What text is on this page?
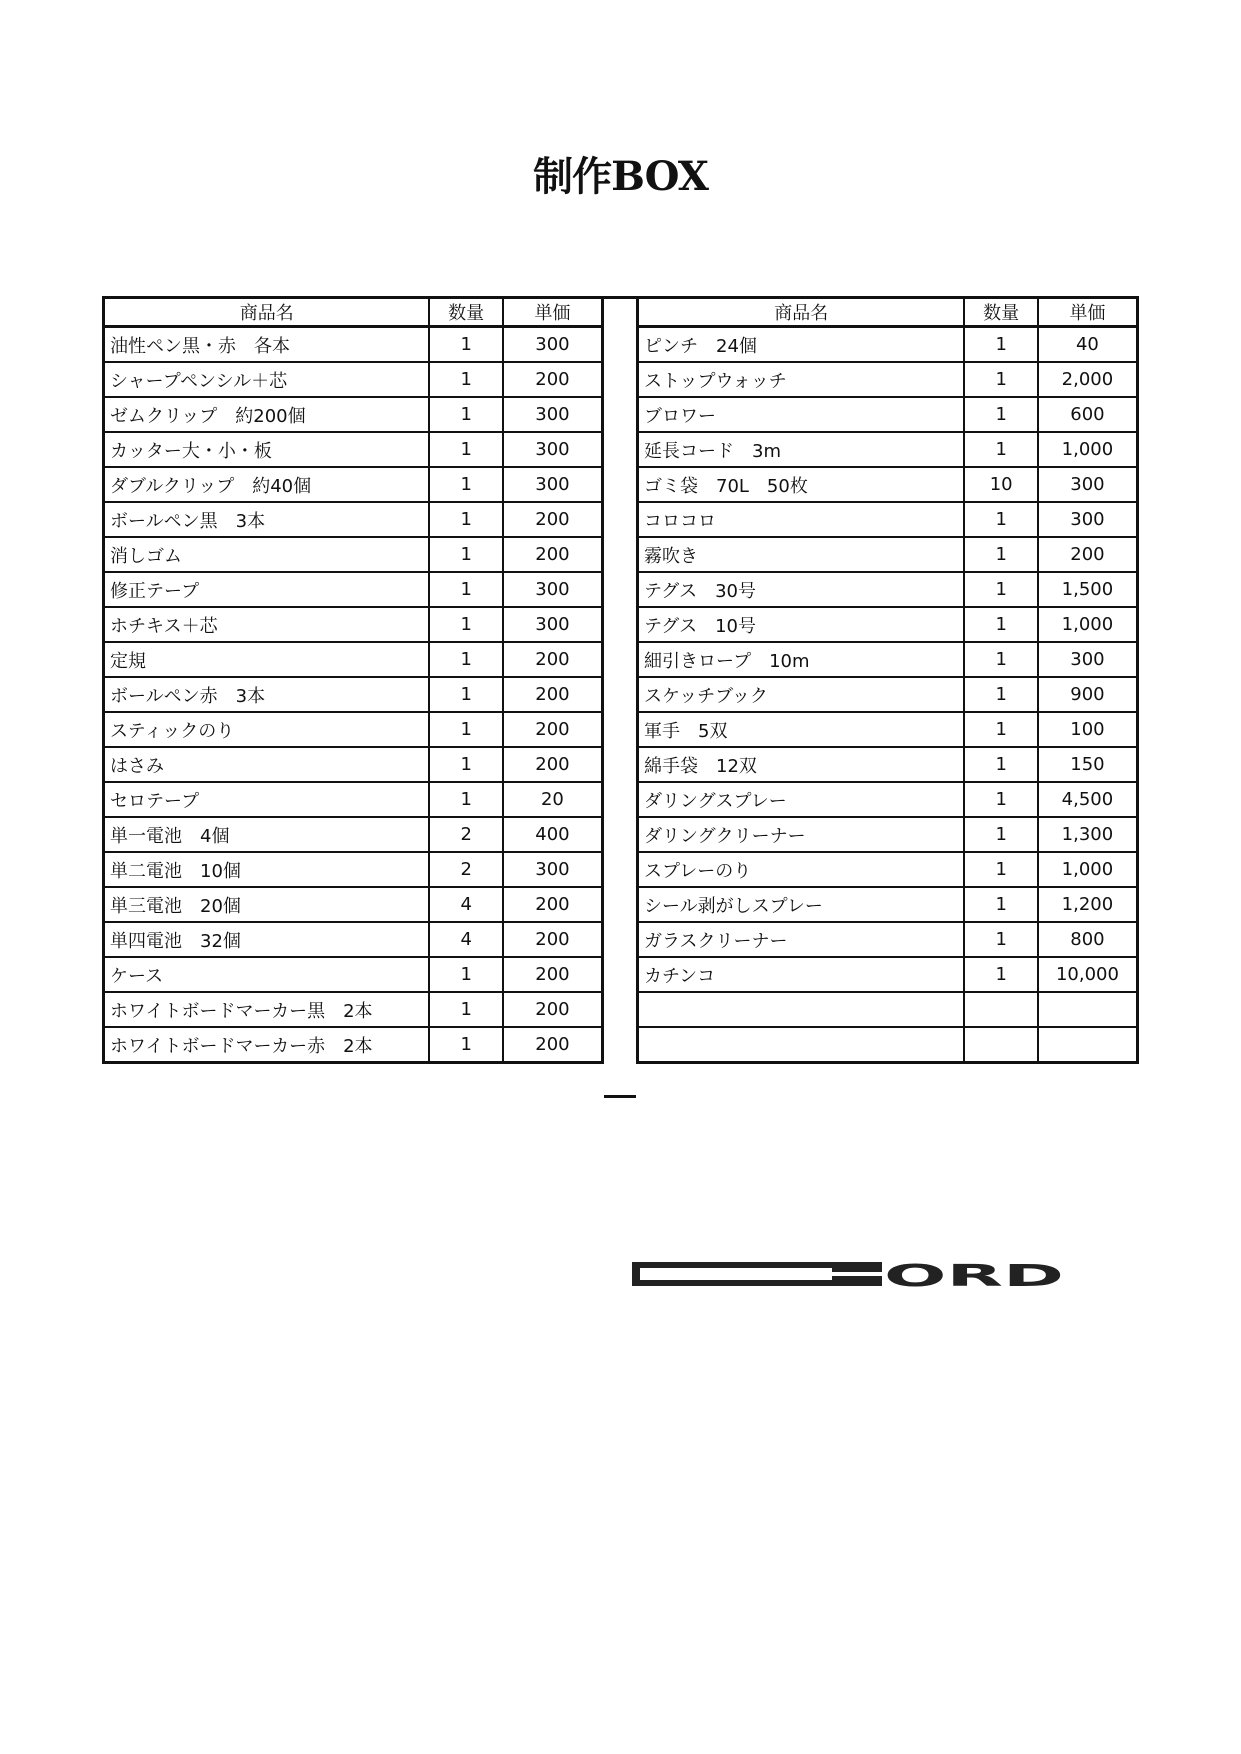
制作BOX
商品名	数量	単価
油性ペン黒・赤　各本	1	300
シャープペンシル＋芯	1	200
ゼムクリップ　約200個	1	300
カッター大・小・板	1	300
ダブルクリップ　約40個	1	300
ボールペン黒　3本	1	200
消しゴム	1	200
修正テープ	1	300
ホチキス＋芯	1	300
定規	1	200
ボールペン赤　3本	1	200
スティックのり	1	200
はさみ	1	200
セロテープ	1	20
単一電池　4個	2	400
単二電池　10個	2	300
単三電池　20個	4	200
単四電池　32個	4	200
ケース	1	200
ホワイトボードマーカー黒　2本	1	200
ホワイトボードマーカー赤　2本	1	200
商品名	数量	単価
ピンチ　24個	1	40
ストップウォッチ	1	2,000
ブロワー	1	600
延長コード　3m	1	1,000
ゴミ袋　70L　50枚	10	300
コロコロ	1	300
霧吹き	1	200
テグス　30号	1	1,500
テグス　10号	1	1,000
細引きロープ　10m	1	300
スケッチブック	1	900
軍手　5双	1	100
綿手袋　12双	1	150
ダリングスプレー	1	4,500
ダリングクリーナー	1	1,300
スプレーのり	1	1,000
シール剥がしスプレー	1	1,200
ガラスクリーナー	1	800
カチンコ	1	10,000

ORD
